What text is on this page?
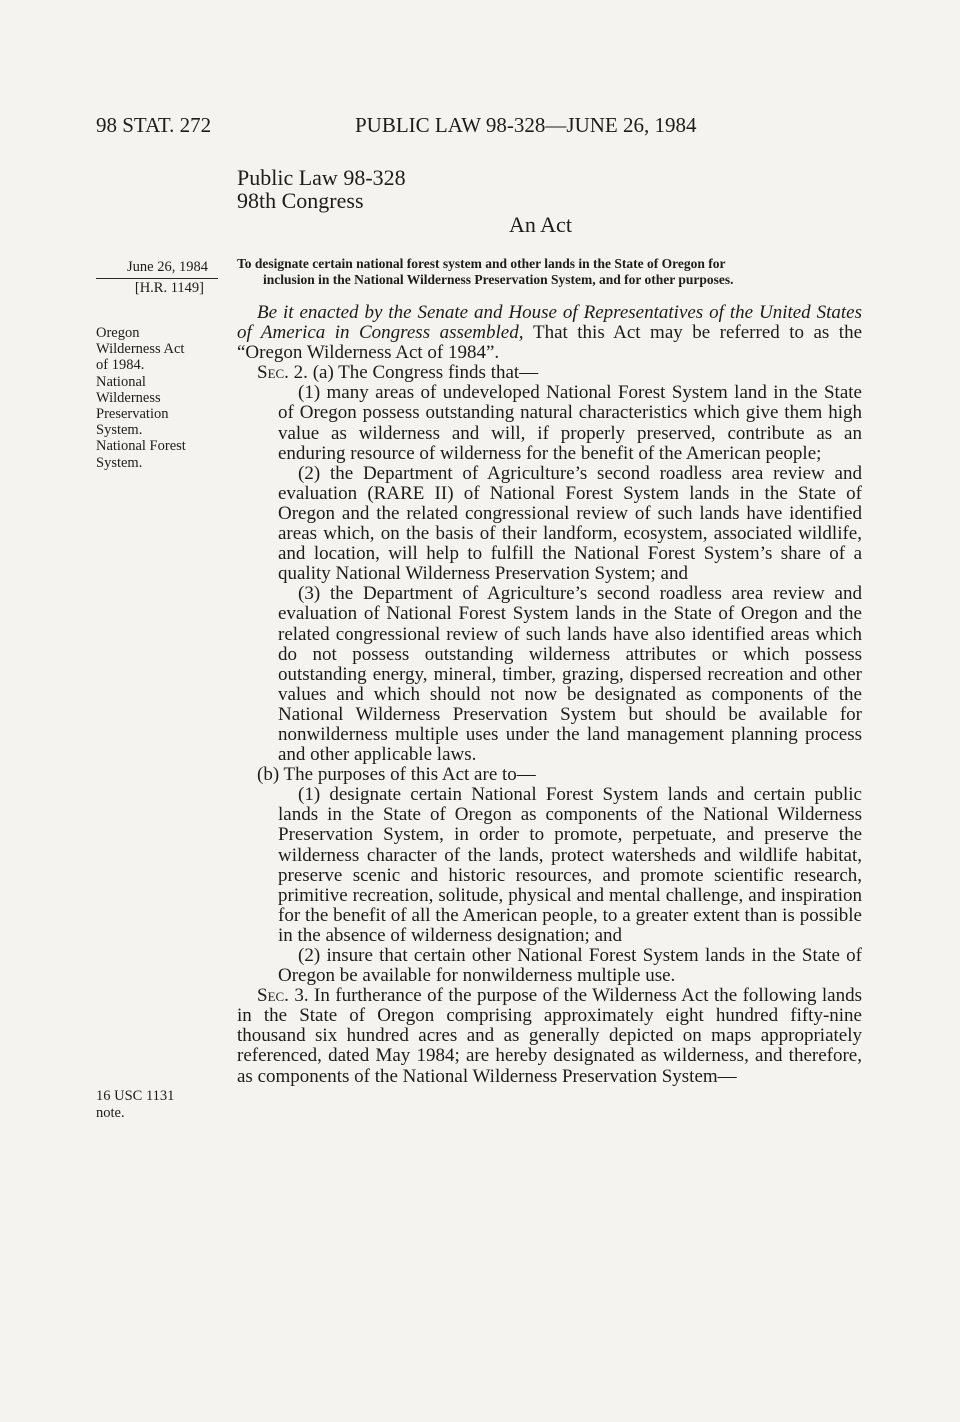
98 STAT. 272	PUBLIC LAW 98-328—JUNE 26, 1984
Public Law 98-328
98th Congress
An Act
To designate certain national forest system and other lands in the State of Oregon for
inclusion in the National Wilderness Preservation System, and for other purposes.
June 26, 1984
[H.R. 1149]
Oregon
Wilderness Act
of 1984.
National
Wilderness
Preservation
System.
National Forest
System.
16 USC 1131
note.

Be it enacted by the Senate and House of Representatives of the United States of America in Congress assembled, That this Act may be referred to as the “Oregon Wilderness Act of 1984”.

Sec. 2. (a) The Congress finds that—

(1) many areas of undeveloped National Forest System land in the State of Oregon possess outstanding natural characteristics which give them high value as wilderness and will, if properly preserved, contribute as an enduring resource of wilderness for the benefit of the American people;

(2) the Department of Agriculture’s second roadless area review and evaluation (RARE II) of National Forest System lands in the State of Oregon and the related congressional review of such lands have identified areas which, on the basis of their landform, ecosystem, associated wildlife, and location, will help to fulfill the National Forest System’s share of a quality National Wilderness Preservation System; and

(3) the Department of Agriculture’s second roadless area review and evaluation of National Forest System lands in the State of Oregon and the related congressional review of such lands have also identified areas which do not possess outstanding wilderness attributes or which possess outstanding energy, mineral, timber, grazing, dispersed recreation and other values and which should not now be designated as components of the National Wilderness Preservation System but should be available for nonwilderness multiple uses under the land management planning process and other applicable laws.

(b) The purposes of this Act are to—

(1) designate certain National Forest System lands and certain public lands in the State of Oregon as components of the National Wilderness Preservation System, in order to promote, perpetuate, and preserve the wilderness character of the lands, protect watersheds and wildlife habitat, preserve scenic and historic resources, and promote scientific research, primitive recreation, solitude, physical and mental challenge, and inspiration for the benefit of all the American people, to a greater extent than is possible in the absence of wilderness designation; and

(2) insure that certain other National Forest System lands in the State of Oregon be available for nonwilderness multiple use.

Sec. 3. In furtherance of the purpose of the Wilderness Act the following lands in the State of Oregon comprising approximately eight hundred fifty-nine thousand six hundred acres and as generally depicted on maps appropriately referenced, dated May 1984; are hereby designated as wilderness, and therefore, as components of the National Wilderness Preservation System—
